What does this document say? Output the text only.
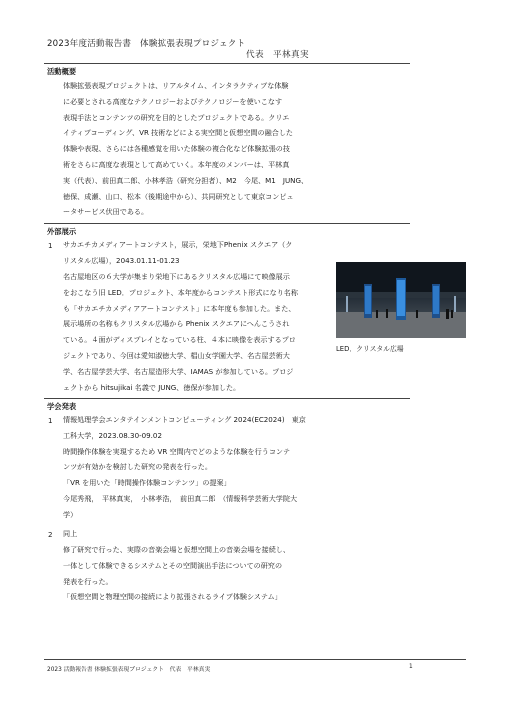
2023年度活動報告書　体験拡張表現プロジェクト
代表　平林真実
活動概要
体験拡張表現プロジェクトは、リアルタイム、インタラクティブな体験
に必要とされる高度なテクノロジーおよびテクノロジーを使いこなす
表現手法とコンテンツの研究を目的としたプロジェクトである。クリエ
イティブコーディング、VR 技術などによる実空間と仮想空間の融合した
体験や表現、さらには各種感覚を用いた体験の複合化など体験拡張の技
術をさらに高度な表現として高めていく。本年度のメンバーは、平林真
実（代表）、前田真二郎、小林孝浩（研究分担者）、M2　今尾、M1　JUNG、
徳保、成瀬、山口、松本（後期途中から）、共同研究として東京コンピュ
ータサービス伏田である。
外部展示
1 サカエチカメディアートコンテスト，展示，栄地下Phenix スクエア（ク
リスタル広場），2043.01.11-01.23
名古屋地区の６大学が集まり栄地下にあるクリスタル広場にて映像展示
をおこなう旧 LED．プロジェクト、本年度からコンテスト形式になり名称
も「サカエチカメディアアートコンテスト」に本年度も参加した。また、
展示場所の名称もクリスタル広場から Phenix スクエアにへんこうされ
ている。４面がディスプレイとなっている柱、４本に映像を表示するプロ
ジェクトであり、今回は愛知淑徳大学、椙山女学園大学、名古屋芸術大
学、名古屋学芸大学、名古屋造形大学、IAMAS が参加している。プロジ
ェクトから hitsujikai 名義で JUNG、徳保が参加した。
LED．クリスタル広場
学会発表
1 情報処理学会エンタテインメントコンピューティング 2024(EC2024)　東京
工科大学，2023.08.30-09.02
時間操作体験を実現するため VR 空間内でどのような体験を行うコンテ
ンツが有効かを検討した研究の発表を行った。
「VR を用いた「時間操作体験コンテンツ」の提案」
今尾秀飛，　平林真実，　小林孝浩，　前田真二郎　（情報科学芸術大学院大
学）
2 同上
修了研究で行った、実際の音楽会場と仮想空間上の音楽会場を接続し、
一体として体験できるシステムとその空間演出手法についての研究の
発表を行った。
「仮想空間と物理空間の接続により拡張されるライブ体験システム」
2023 活動報告書 体験拡張表現プロジェクト　代表　平林真実	1
